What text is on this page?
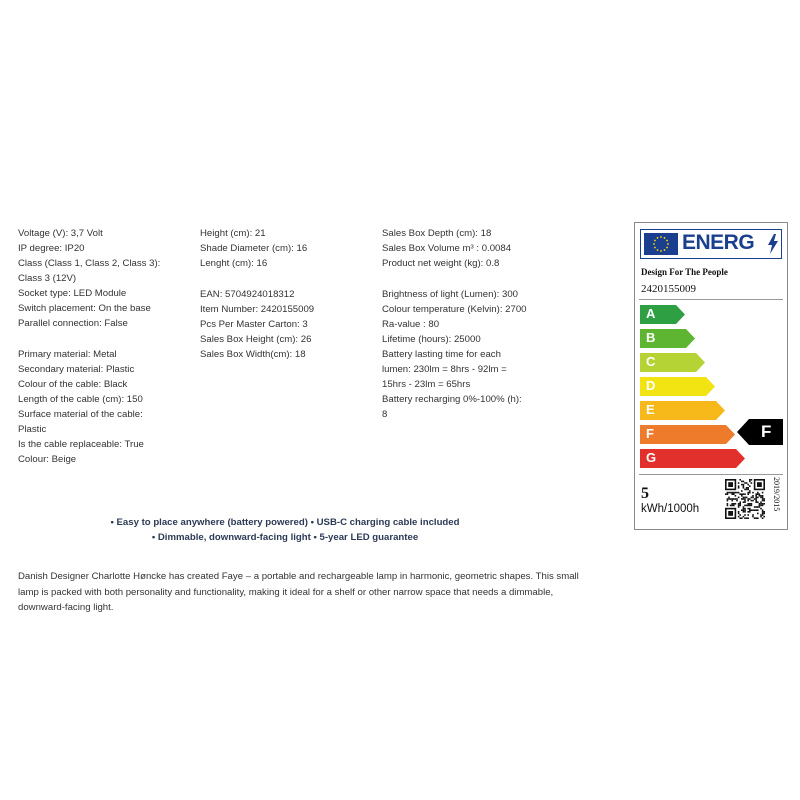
Voltage (V): 3,7 Volt
IP degree: IP20
Class (Class 1, Class 2, Class 3):
Class 3 (12V)
Socket type: LED Module
Switch placement: On the base
Parallel connection: False
Primary material: Metal
Secondary material: Plastic
Colour of the cable: Black
Length of the cable (cm): 150
Surface material of the cable:
Plastic
Is the cable replaceable: True
Colour: Beige
Height (cm): 21
Shade Diameter (cm): 16
Lenght (cm): 16
EAN: 5704924018312
Item Number: 2420155009
Pcs Per Master Carton: 3
Sales Box Height (cm): 26
Sales Box Width(cm): 18
Sales Box Depth (cm): 18
Sales Box Volume m³ : 0.0084
Product net weight (kg): 0.8
Brightness of light (Lumen): 300
Colour temperature (Kelvin): 2700
Ra-value : 80
Lifetime (hours): 25000
Battery lasting time for each
lumen: 230lm = 8hrs - 92lm =
15hrs - 23lm = 65hrs
Battery recharging 0%-100% (h):
8
• Easy to place anywhere (battery powered) • USB-C charging cable included
• Dimmable, downward-facing light • 5-year LED guarantee
Danish Designer Charlotte Høncke has created Faye – a portable and rechargeable lamp in harmonic, geometric shapes. This small lamp is packed with both personality and functionality, making it ideal for a shelf or other narrow space that needs a dimmable, downward-facing light.
ENERG
Design For The People
2420155009
A
B
C
D
E
F
G
5
kWh/1000h	2019/2015
F
